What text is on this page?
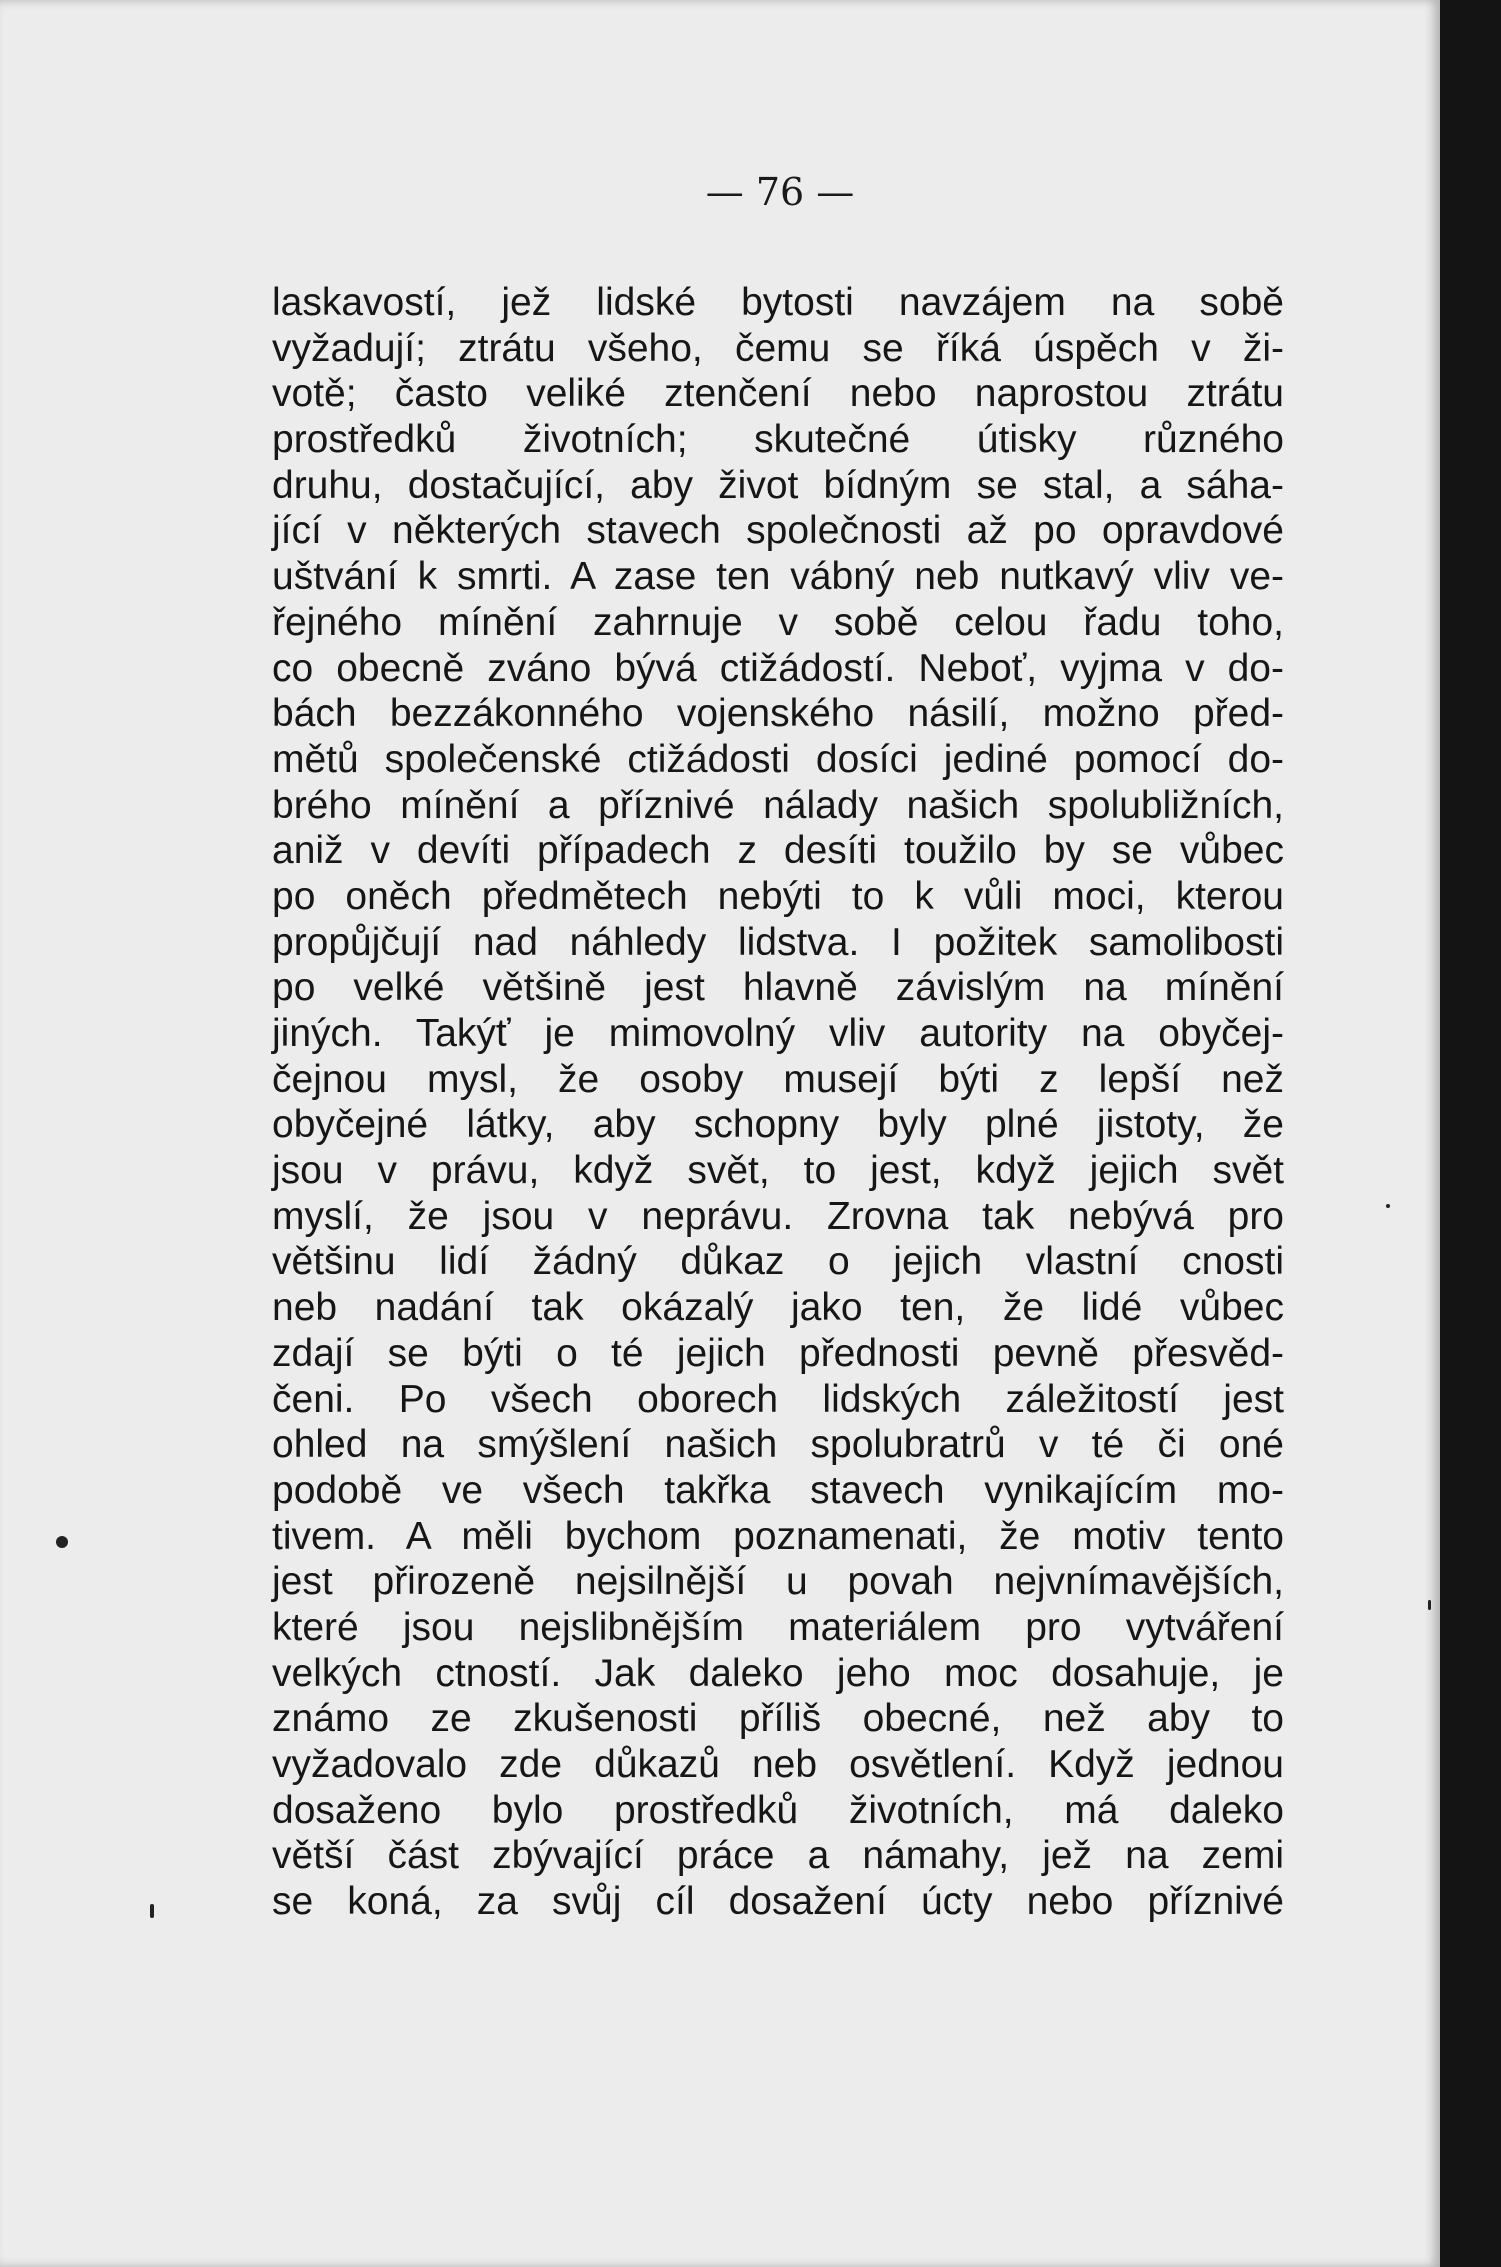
— 76 —
laskavostí, jež lidské bytosti navzájem na sobě
vyžadují; ztrátu všeho, čemu se říká úspěch v ži-
votě; často veliké ztenčení nebo naprostou ztrátu
prostředků životních; skutečné útisky různého
druhu, dostačující, aby život bídným se stal, a sáha-
jící v některých stavech společnosti až po opravdové
uštvání k smrti. A zase ten vábný neb nutkavý vliv ve-
řejného mínění zahrnuje v sobě celou řadu toho,
co obecně zváno bývá ctižádostí. Neboť, vyjma v do-
bách bezzákonného vojenského násilí, možno před-
mětů společenské ctižádosti dosíci jediné pomocí do-
brého mínění a příznivé nálady našich spolubližních,
aniž v devíti případech z desíti toužilo by se vůbec
po oněch předmětech nebýti to k vůli moci, kterou
propůjčují nad náhledy lidstva. I požitek samolibosti
po velké většině jest hlavně závislým na mínění
jiných. Takýť je mimovolný vliv autority na obyčej-
čejnou mysl, že osoby musejí býti z lepší než
obyčejné látky, aby schopny byly plné jistoty, že
jsou v právu, když svět, to jest, když jejich svět
myslí, že jsou v neprávu. Zrovna tak nebývá pro
většinu lidí žádný důkaz o jejich vlastní cnosti
neb nadání tak okázalý jako ten, že lidé vůbec
zdají se býti o té jejich přednosti pevně přesvěd-
čeni. Po všech oborech lidských záležitostí jest
ohled na smýšlení našich spolubratrů v té či oné
podobě ve všech takřka stavech vynikajícím mo-
tivem. A měli bychom poznamenati, že motiv tento
jest přirozeně nejsilnější u povah nejvnímavějších,
které jsou nejslibnějším materiálem pro vytváření
velkých ctností. Jak daleko jeho moc dosahuje, je
známo ze zkušenosti příliš obecné, než aby to
vyžadovalo zde důkazů neb osvětlení. Když jednou
dosaženo bylo prostředků životních, má daleko
větší část zbývající práce a námahy, jež na zemi
se koná, za svůj cíl dosažení úcty nebo příznivé
